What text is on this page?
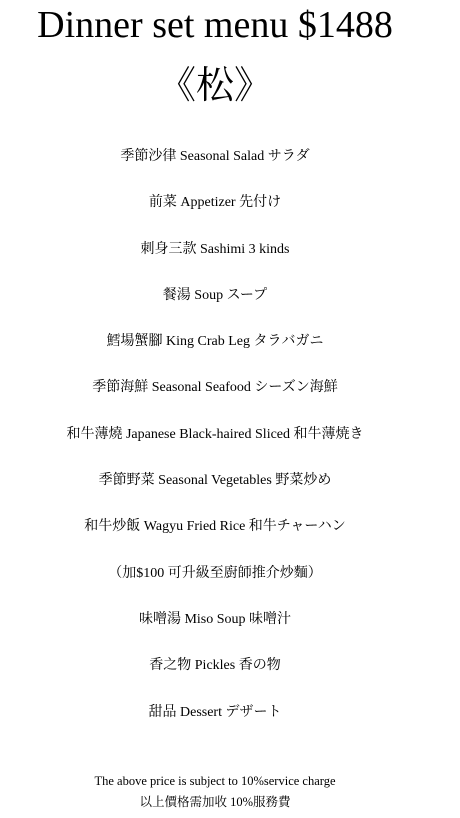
Dinner set menu $1488
《松》
季節沙律 Seasonal Salad サラダ
前菜 Appetizer 先付け
刺身三款 Sashimi 3 kinds
餐湯 Soup スープ
鱈場蟹腳 King Crab Leg タラバガニ
季節海鮮 Seasonal Seafood シーズン海鮮
和牛薄燒 Japanese Black-haired Sliced 和牛薄焼き
季節野菜 Seasonal Vegetables 野菜炒め
和牛炒飯 Wagyu Fried Rice 和牛チャーハン
（加$100 可升級至廚師推介炒麵）
味噌湯 Miso Soup 味噌汁
香之物 Pickles 香の物
甜品 Dessert デザート
The above price is subject to 10%service charge
以上價格需加收 10%服務費
